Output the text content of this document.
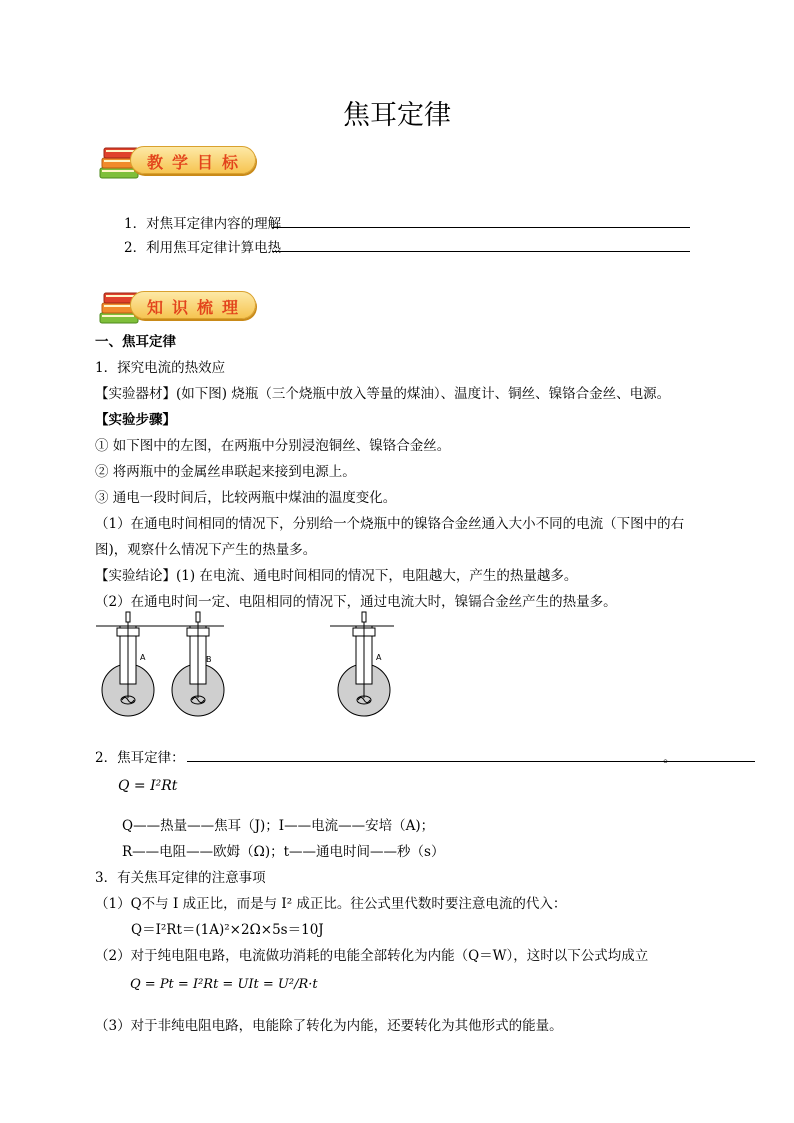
焦耳定律
教学目标
1．对焦耳定律内容的理解
2．利用焦耳定律计算电热
知识梳理
一、焦耳定律
1．探究电流的热效应
【实验器材】(如下图) 烧瓶（三个烧瓶中放入等量的煤油）、温度计、铜丝、镍铬合金丝、电源。
【实验步骤】
① 如下图中的左图，在两瓶中分别浸泡铜丝、镍铬合金丝。
② 将两瓶中的金属丝串联起来接到电源上。
③ 通电一段时间后，比较两瓶中煤油的温度变化。
（1）在通电时间相同的情况下，分别给一个烧瓶中的镍铬合金丝通入大小不同的电流（下图中的右
图)，观察什么情况下产生的热量多。
【实验结论】(1) 在电流、通电时间相同的情况下，电阻越大，产生的热量越多。
（2）在通电时间一定、电阻相同的情况下，通过电流大时，镍镉合金丝产生的热量多。
A	B	A
2．焦耳定律：	。
Q = I²Rt
Q——热量——焦耳（J)；I——电流——安培（A)；
R——电阻——欧姆（Ω)；t——通电时间——秒（s）
3．有关焦耳定律的注意事项
（1）Q不与 I 成正比，而是与 I² 成正比。往公式里代数时要注意电流的代入：
Q＝I²Rt＝(1A)²×2Ω×5s＝10J
（2）对于纯电阻电路，电流做功消耗的电能全部转化为内能（Q＝W），这时以下公式均成立
Q = Pt = I²Rt = UIt = U²/R·t
（3）对于非纯电阻电路，电能除了转化为内能，还要转化为其他形式的能量。
